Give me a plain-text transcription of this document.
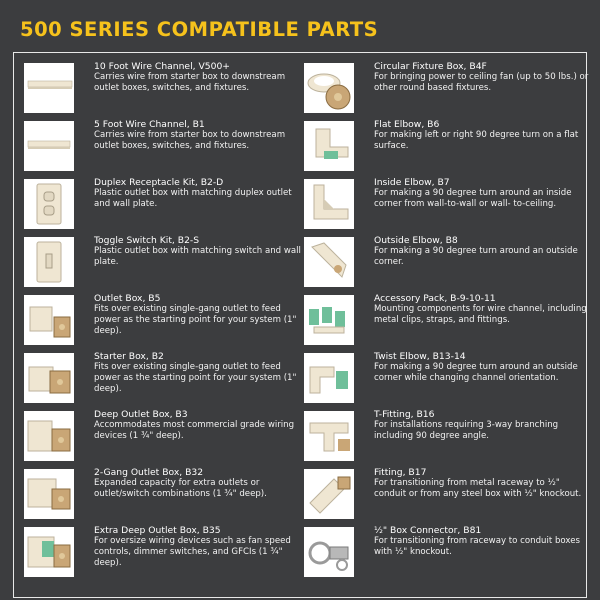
500 SERIES COMPATIBLE PARTS
10 Foot Wire Channel, V500+
Carries wire from starter box to downstream outlet boxes, switches, and fixtures.
5 Foot Wire Channel, B1
Carries wire from starter box to downstream outlet boxes, switches, and fixtures.
Duplex Receptacle Kit, B2-D
Plastic outlet box with matching duplex outlet and wall plate.
Toggle Switch Kit, B2-S
Plastic outlet box with matching switch and wall plate.
Outlet Box, B5
Fits over existing single-gang outlet to feed power as the starting point for your system (1" deep).
Starter Box, B2
Fits over existing single-gang outlet to feed power as the starting point for your system (1" deep).
Deep Outlet Box, B3
Accommodates most commercial grade wiring devices (1 ¾" deep).
2-Gang Outlet Box, B32
Expanded capacity for extra outlets or outlet/switch combinations (1 ¾" deep).
Extra Deep Outlet Box, B35
For oversize wiring devices such as fan speed controls, dimmer switches, and GFCIs (1 ¾" deep).
Circular Fixture Box, B4F
For bringing power to ceiling fan (up to 50 lbs.) or other round based fixtures.
Flat Elbow, B6
For making left or right 90 degree turn on a flat surface.
Inside Elbow, B7
For making a 90 degree turn around an inside corner from wall-to-wall or wall- to-ceiling.
Outside Elbow, B8
For making a 90 degree turn around an outside corner.
Accessory Pack, B-9-10-11
Mounting components for wire channel, including metal clips, straps, and fittings.
Twist Elbow, B13-14
For making a 90 degree turn around an outside corner while changing channel orientation.
T-Fitting, B16
For installations requiring 3-way branching including 90 degree angle.
Fitting, B17
For transitioning from metal raceway to ½" conduit or from any steel box with ½" knockout.
½" Box Connector, B81
For transitioning from raceway to conduit boxes with ½" knockout.
